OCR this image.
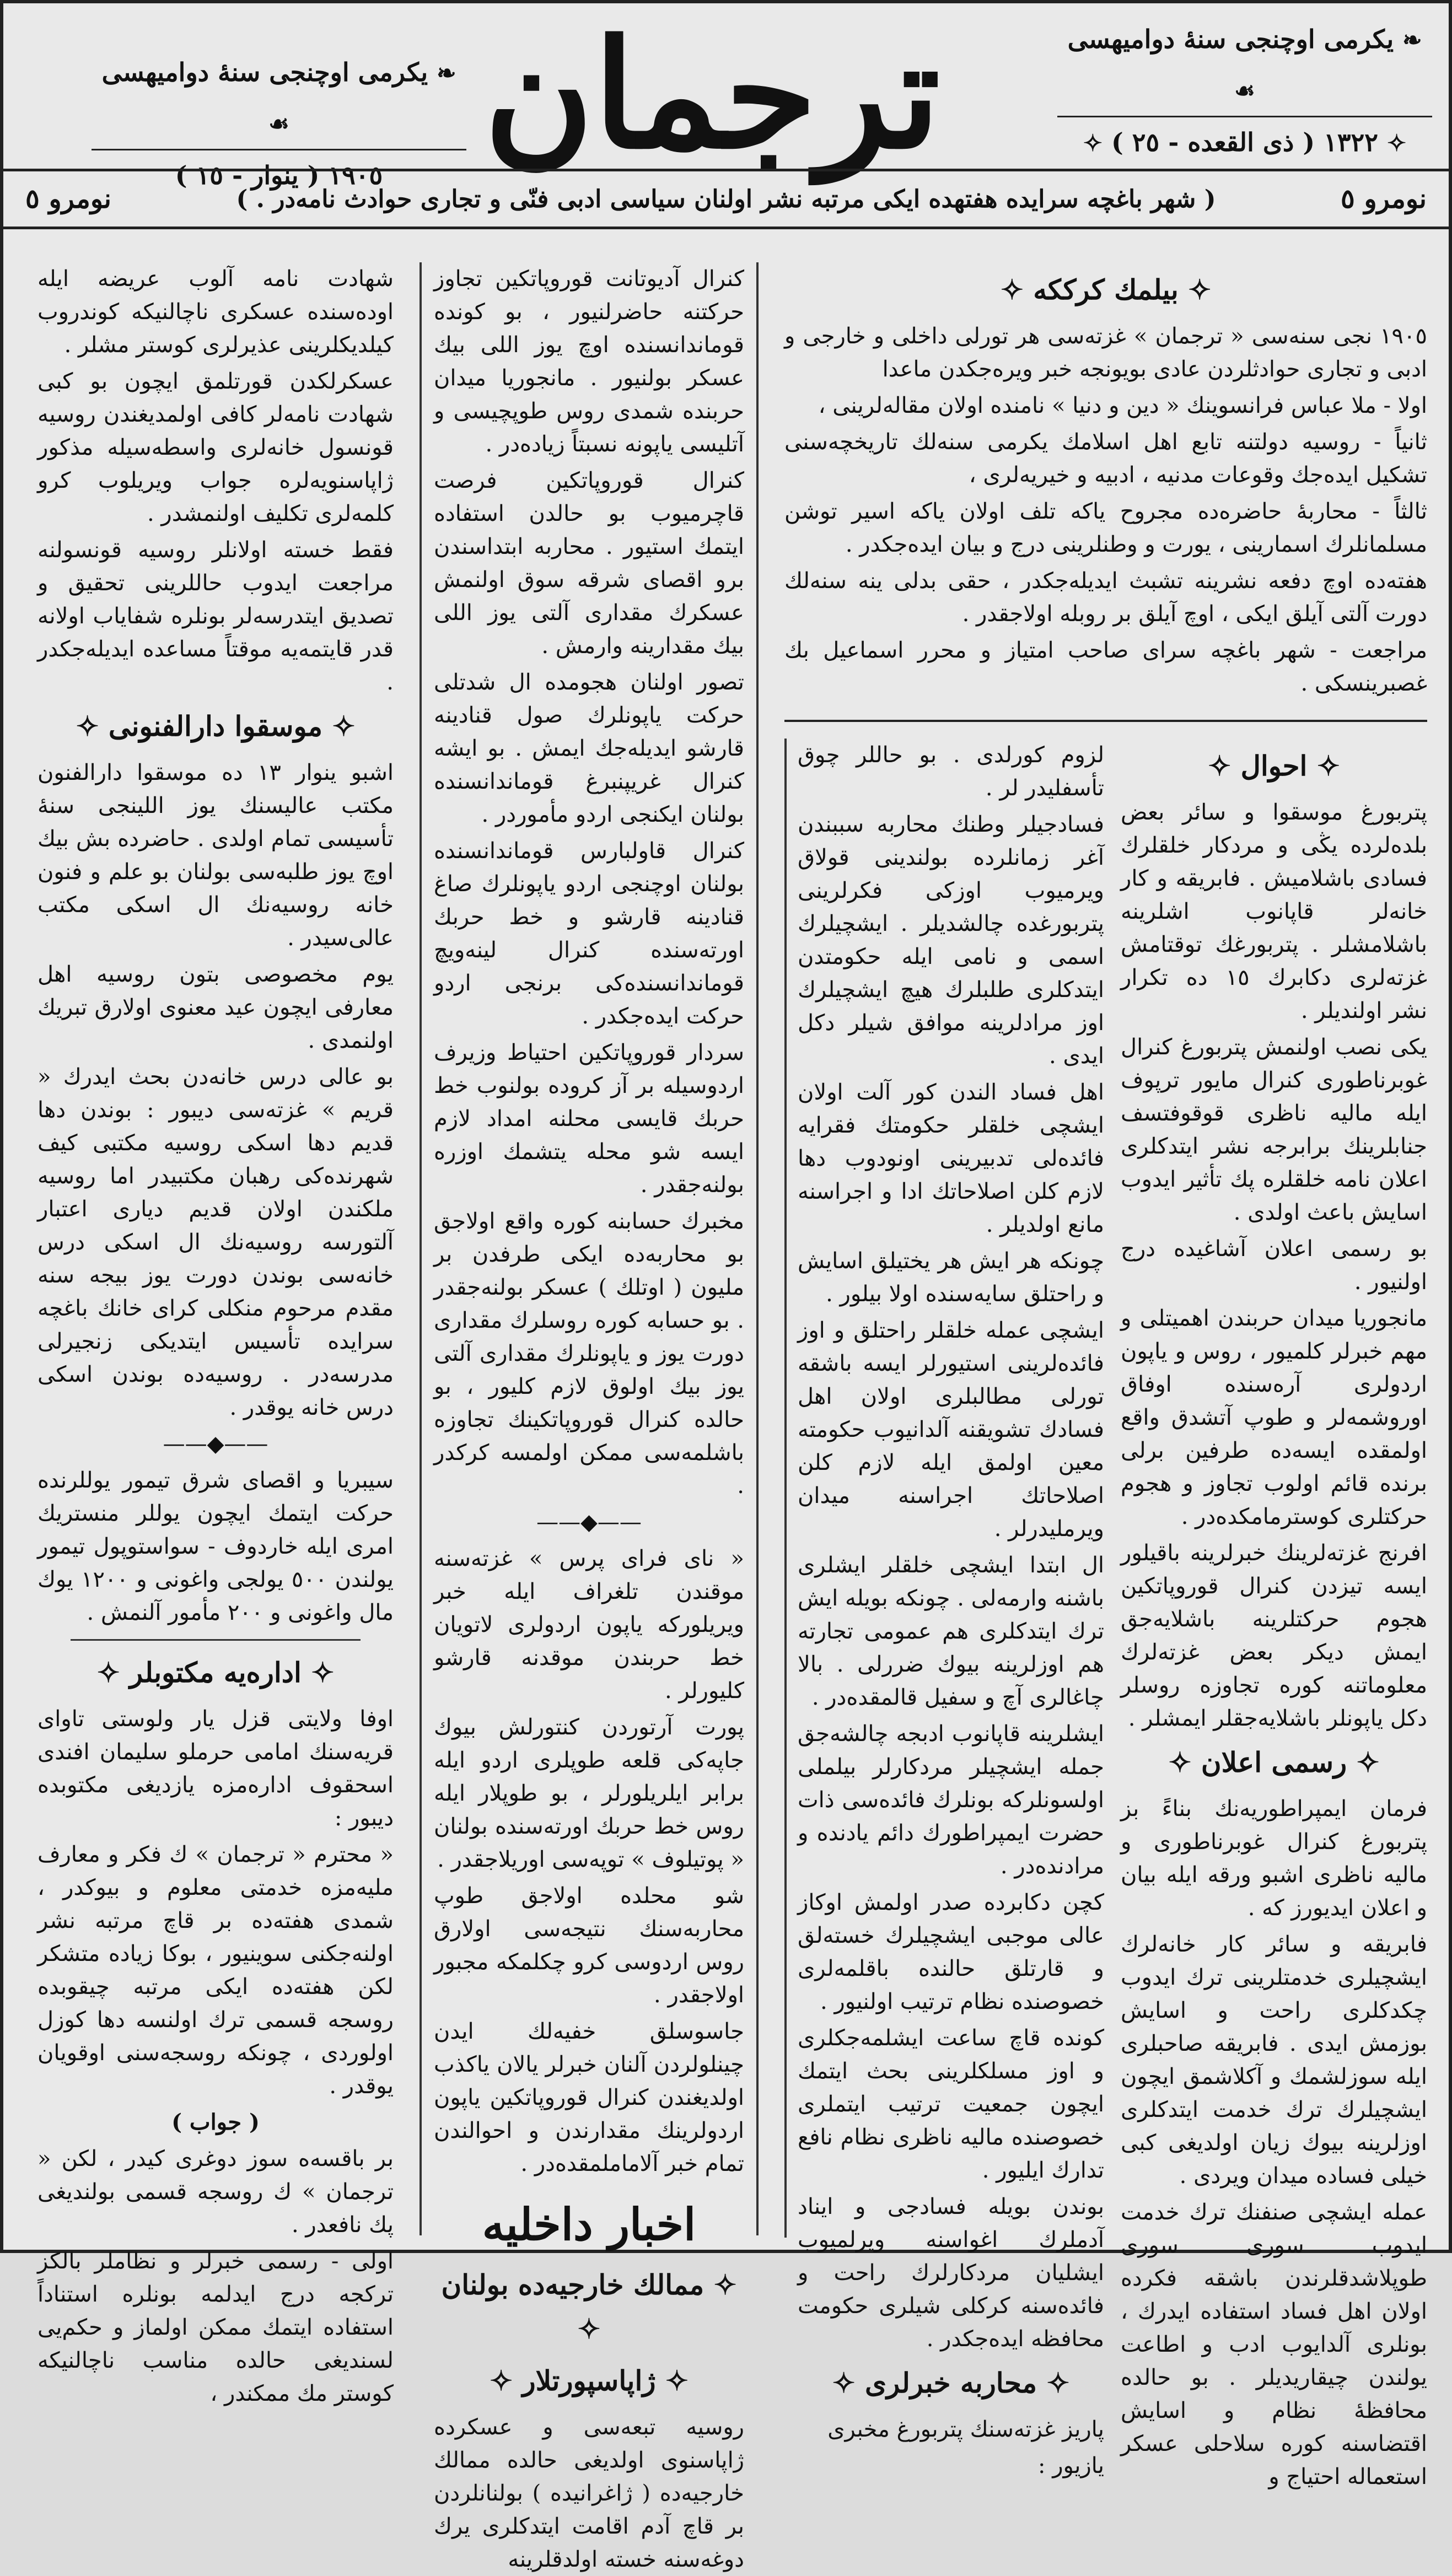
❧ يكرمى اوچنجى سنهٔ دواميهسى ☙
✧ ١٣٢٢ ( ذى القعده - ٢٥ ) ✧
ترجمان
❧ يكرمى اوچنجى سنهٔ دواميهسى ☙
١٩٠٥ ( ينوار - ١٥ )
نومرو ٥
( شهر باغچه سرايده هفتهده ايكى مرتبه نشر اولنان سياسى ادبى فنّى و تجارى حوادث نامه‌در . )
نومرو ٥
✧ بيلمك كرككه ✧

١٩٠٥ نجى سنه‌سى « ترجمان » غزته‌سى هر تورلى داخلى و خارجى و ادبى و تجارى حوادثلردن عادى بويونجه خبر ويره‌جكدن ماعدا

اولا - ملا عباس فرانسوينك « دين و دنيا » نامنده اولان مقاله‌لرينى ،

ثانياً - روسيه دولتنه تابع اهل اسلامك يكرمى سنه‌لك تاريخچه‌سنى تشكيل ايده‌جك وقوعات مدنيه ، ادبيه و خيريه‌لرى ،

ثالثاً - محاربهٔ حاضره‌ده مجروح ياكه تلف اولان ياكه اسير توشن مسلمانلرك اسمارينى ، يورت و وطنلرينى درج و بيان ايده‌جكدر .

هفته‌ده اوچ دفعه نشرينه تشبث ايديله‌جكدر ، حقى بدلى ينه سنه‌لك دورت آلتى آيلق ايكى ، اوچ آيلق بر روبله اولاجقدر .

مراجعت - شهر باغچه سراى صاحب امتياز و محرر اسماعيل بك غصبرينسكى .

✧ احوال ✧

پتربورغ موسقوا و سائر بعض بلده‌لرده يڭى و مردكار خلقلرك فسادى باشلاميش . فابريقه و كار خانه‌لر قاپانوب اشلرينه باشلامشلر . پتربورغك توقتامش غزته‌لرى دكابرك ١٥ ده تكرار نشر اولنديلر .

يكى نصب اولنمش پتربورغ كنرال غوبرناطورى كنرال مايور ترپوف ايله ماليه ناظرى قوقوفتسف جنابلرينك برابرجه نشر ايتدكلرى اعلان نامه خلقلره پك تأثير ايدوب اسايش باعث اولدى .

بو رسمى اعلان آشاغيده درج اولنيور .

مانجوريا ميدان حربندن اهميتلى و مهم خبرلر كلميور ، روس و ياپون اردولرى آره‌سنده اوفاق اوروشمه‌لر و طوپ آتشدق واقع اولمقده ايسه‌ده طرفين برلى برنده قائم اولوب تجاوز و هجوم حركتلرى كوسترمامكده‌در .

افرنج غزته‌لرينك خبرلرينه باقيلور ايسه تيزدن كنرال قوروپاتكين هجوم حركتلرينه باشلايه‌جق ايمش ديكر بعض غزته‌لرك معلوماتنه كوره تجاوزه روسلر دكل ياپونلر باشلايه‌جقلر ايمشلر .

✧ رسمى اعلان ✧

فرمان ايمپراطوريه‌نك بناءً بز پتربورغ كنرال غوبرناطورى و ماليه ناظرى اشبو ورقه ايله بيان و اعلان ايديورز كه .

فابريقه و سائر كار خانه‌لرك ايشچيلرى خدمتلرينى ترك ايدوب چكدكلرى راحت و اسايش بوزمش ايدى . فابريقه صاحبلرى ايله سوزلشمك و آكلاشمق ايچون ايشچيلرك ترك خدمت ايتدكلرى اوزلرينه بيوك زيان اولديغى كبى خيلى فساده ميدان ويردى .

عمله ايشچى صنفنك ترك خدمت ايدوب سورى سورى طوپلاشدقلرندن باشقه فكرده اولان اهل فساد استفاده ايدرك ، بونلرى آلدايوب ادب و اطاعت يولندن چيقاريديلر . بو حالده محافظهٔ نظام و اسايش اقتضاسنه كوره سلاحلى عسكر استعماله احتياج و

لزوم كورلدى . بو حاللر چوق تأسفليدر لر .

فسادجيلر وطنك محاربه سببندن آغر زمانلرده بولندينى قولاق ويرميوب اوزكى فكرلرينى پتربورغده چالشديلر . ايشچيلرك اسمى و نامى ايله حكومتدن ايتدكلرى طلبلرك هيچ ايشچيلرك اوز مرادلرينه موافق شيلر دكل ايدى .

اهل فساد الندن كور آلت اولان ايشچى خلقلر حكومتك فقرايه فائده‌لى تدبيرينى اونودوب دها لازم كلن اصلاحاتك ادا و اجراسنه مانع اولديلر .

چونكه هر ايش هر يختيلق اسايش و راحتلق سايه‌سنده اولا بيلور .

ايشچى عمله خلقلر راحتلق و اوز فائده‌لرينى استيورلر ايسه باشقه تورلى مطالبلرى اولان اهل فسادك تشويقنه آلدانيوب حكومته معين اولمق ايله لازم كلن اصلاحاتك اجراسنه ميدان ويرمليدرلر .

ال ابتدا ايشچى خلقلر ايشلرى باشنه وارمه‌لى . چونكه بويله ايش ترك ايتدكلرى هم عمومى تجارته هم اوزلرينه بيوك ضررلى . بالا چاغالرى آچ و سفيل قالمقده‌در .

ايشلرينه قاپانوب ادبجه چالشه‌جق جمله ايشچيلر مردكارلر بيلملى اولسونلركه بونلرك فائده‌سى ذات حضرت ايمپراطورك دائم يادنده و مرادنده‌در .

كچن دكابرده صدر اولمش اوكاز عالى موجبى ايشچيلرك خسته‌لق و قارتلق حالنده باقلمه‌لرى خصوصنده نظام ترتيب اولنيور .

كونده قاچ ساعت ايشلمه‌جكلرى و اوز مسلكلرينى بحث ايتمك ايچون جمعيت ترتيب ايتملرى خصوصنده ماليه ناظرى نظام نافع تدارك ايليور .

بوندن بويله فسادجى و ايناد آدملرك اغواسنه ويرلميوب ايشليان مردكارلرك راحت و فائده‌سنه كركلى شيلرى حكومت محافظه ايده‌جكدر .

✧ محاربه خبرلرى ✧

پاريز غزته‌سنك پتربورغ مخبرى

يازيور :

كنرال آديوتانت قوروپاتكين تجاوز حركتنه حاضرلنيور ، بو كونده قوماندانسنده اوچ يوز اللى بيك عسكر بولنيور . مانجوريا ميدان حربنده شمدى روس طوپچيسى و آتليسى ياپونه نسبتاً زياده‌در .

كنرال قوروپاتكين فرصت قاچرميوب بو حالدن استفاده ايتمك استيور . محاربه ابتداسندن برو اقصاى شرقه سوق اولنمش عسكرك مقدارى آلتى يوز اللى بيك مقدارينه وارمش .

تصور اولنان هجومده ال شدتلى حركت ياپونلرك صول قنادينه قارشو ايديله‌جك ايمش . بو ايشه كنرال غريپنبرغ قوماندانسنده بولنان ايكنجى اردو مأموردر .

كنرال قاولبارس قوماندانسنده بولنان اوچنجى اردو ياپونلرك صاغ قنادينه قارشو و خط حربك اورته‌سنده كنرال لينه‌ويچ قوماندانسنده‌كى برنجى اردو حركت ايده‌جكدر .

سردار قوروپاتكين احتياط وزيرف اردوسيله بر آز كروده بولنوب خط حربك قايسى محلنه امداد لازم ايسه شو محله يتشمك اوزره بولنه‌جقدر .

مخبرك حسابنه كوره واقع اولاجق بو محاربه‌ده ايكى طرفدن بر مليون ( اوتلك ) عسكر بولنه‌جقدر . بو حسابه كوره روسلرك مقدارى دورت يوز و ياپونلرك مقدارى آلتى يوز بيك اولوق لازم كليور ، بو حالده كنرال قوروپاتكينك تجاوزه باشلمه‌سى ممكن اولمسه كركدر .

——◆——

« نای فراى پرس » غزته‌سنه موقندن تلغراف ايله خبر ويريلوركه ياپون اردولرى لاتويان خط حربندن موقدنه قارشو كليورلر .

پورت آرتوردن كنتورلش بيوك جاپه‌كى قلعه طوپلرى اردو ايله برابر ايلريلورلر ، بو طوپلار ايله روس خط حربك اورته‌سنده بولنان « پوتيلوف » توپه‌سى اوريلاجقدر .

شو محلده اولاجق طوپ محاربه‌سنك نتيجه‌سى اولارق روس اردوسى كرو چكلمكه مجبور اولاجقدر .

جاسوسلق خفيه‌لك ايدن چينلولردن آلنان خبرلر يالان ياكذب اولديغندن كنرال قوروپاتكين ياپون اردولرينك مقدارندن و احوالندن تمام خبر آلاماملمقده‌در .

اخبار داخليه
✧ ممالك خارجيه‌ده بولنان ✧
✧ ژاپاسپورتلار ✧

روسيه تبعه‌سى و عسكرده ژاپاسنوى اولديغى حالده ممالك خارجيه‌ده ( ژاغرانيده ) بولنانلردن بر قاچ آدم اقامت ايتدكلرى يرك دوغه‌سنه خسته اولدقلرينه

شهادت نامه آلوب عريضه ايله اوده‌سنده عسكرى ناچالنيكه كوندروب كيلديكلرينى عذيرلرى كوستر مشلر .

عسكرلكدن قورتلمق ايچون بو كبى شهادت نامه‌لر كافى اولمديغندن روسيه قونسول خانه‌لرى واسطه‌سيله مذكور ژاپاسنويه‌لره جواب ويريلوب كرو كلمه‌لرى تكليف اولنمشدر .

فقط خسته اولانلر روسيه قونسولنه مراجعت ايدوب حاللرينى تحقيق و تصديق ايتدرسه‌لر بونلره شفاياب اولانه قدر قايتمه‌يه موقتاً مساعده ايديله‌جكدر .

✧ موسقوا دارالفنونى ✧

اشبو ينوار ١٣ ده موسقوا دارالفنون مكتب عاليسنك يوز اللينجى سنهٔ تأسيسى تمام اولدى . حاضرده بش بيك اوچ يوز طلبه‌سى بولنان بو علم و فنون خانه روسيه‌نك ال اسكى مكتب عالى‌سيدر .

يوم مخصوصى بتون روسيه اهل معارفى ايچون عيد معنوى اولارق تبريك اولنمدى .

بو عالى درس خانه‌دن بحث ايدرك « قريم » غزته‌سى ديبور : بوندن دها قديم دها اسكى روسيه مكتبى كيف شهرنده‌كى رهبان مكتبيدر اما روسيه ملكندن اولان قديم ديارى اعتبار آلتورسه روسيه‌نك ال اسكى درس خانه‌سى بوندن دورت يوز بيجه سنه مقدم مرحوم منكلى كراى خانك باغچه سرايده تأسيس ايتديكى زنجيرلى مدرسه‌در . روسيه‌ده بوندن اسكى درس خانه يوقدر .

——◆——

سيبريا و اقصاى شرق تيمور يوللرنده حركت ايتمك ايچون يوللر منستريك امرى ايله خاردوف - سواستوپول تيمور يولندن ٥٠٠ يولجى واغونى و ١٢٠٠ يوك مال واغونى و ٢٠٠ مأمور آلنمش .

✧ اداره‌يه مكتوبلر ✧

اوفا ولايتى قزل يار ولوستى تاواى قريه‌سنك امامى حرملو سليمان افندى اسحقوف اداره‌مزه يازديغى مكتوبده ديبور :

« محترم « ترجمان » ك فكر و معارف مليه‌مزه خدمتى معلوم و بيوكدر ، شمدى هفته‌ده بر قاچ مرتبه نشر اولنه‌جكنى سوينيور ، بوكا زياده متشكر لكن هفته‌ده ايكى مرتبه چيقوبده روسجه قسمى ترك اولنسه دها كوزل اولوردى ، چونكه روسجه‌سنى اوقويان يوقدر .

( جواب )

بر باقسه‌ه سوز دوغرى كيدر ، لكن « ترجمان » ك روسجه قسمى بولنديغى پك نافعدر .

اولى - رسمى خبرلر و نظاملر بالكز تركجه درج ايدلمه بونلره استناداً استفاده ايتمك ممكن اولماز و حكم‌يى لسنديغى حالده مناسب ناچالنيكه كوستر مك ممكندر ،
